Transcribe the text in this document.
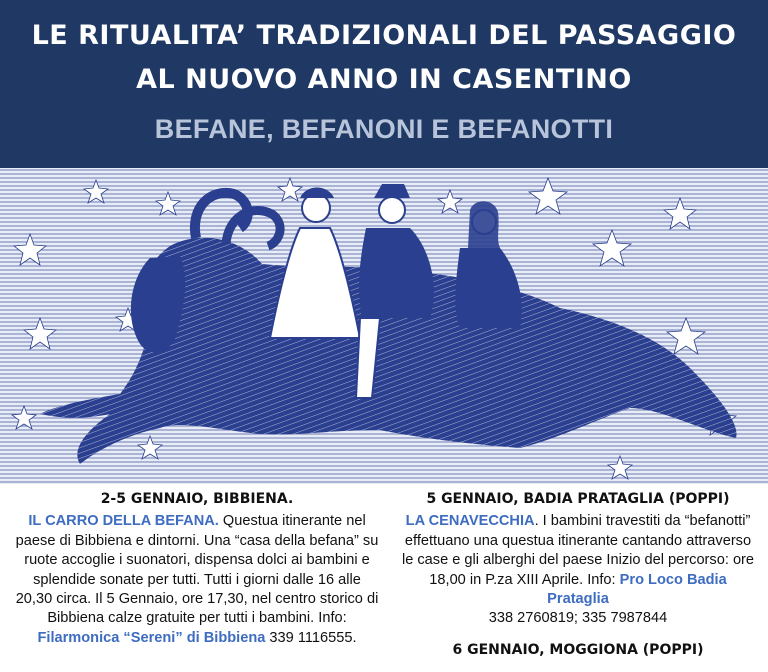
LE RITUALITA’ TRADIZIONALI DEL PASSAGGIO
AL NUOVO ANNO IN CASENTINO
BEFANE, BEFANONI E BEFANOTTI
2-5 GENNAIO, BIBBIENA.
IL CARRO DELLA BEFANA. Questua itinerante nel paese di Bibbiena e dintorni. Una “casa della befana” su ruote accoglie i suonatori, dispensa dolci ai bambini e splendide sonate per tutti. Tutti i giorni dalle 16 alle 20,30 circa. Il 5 Gennaio, ore 17,30, nel centro storico di Bibbiena calze gratuite per tutti i bambini. Info: Filarmonica “Sereni” di Bibbiena 339 1116555.
5 GENNAIO, BADIA PRATAGLIA (POPPI)
LA CENAVECCHIA. I bambini travestiti da “befanotti” effettuano una questua itinerante cantando attraverso le case e gli alberghi del paese Inizio del percorso: ore 18,00 in P.za XIII Aprile. Info: Pro Loco Badia Prataglia
338 2760819; 335 7987844
6 GENNAIO, MOGGIONA (POPPI)
